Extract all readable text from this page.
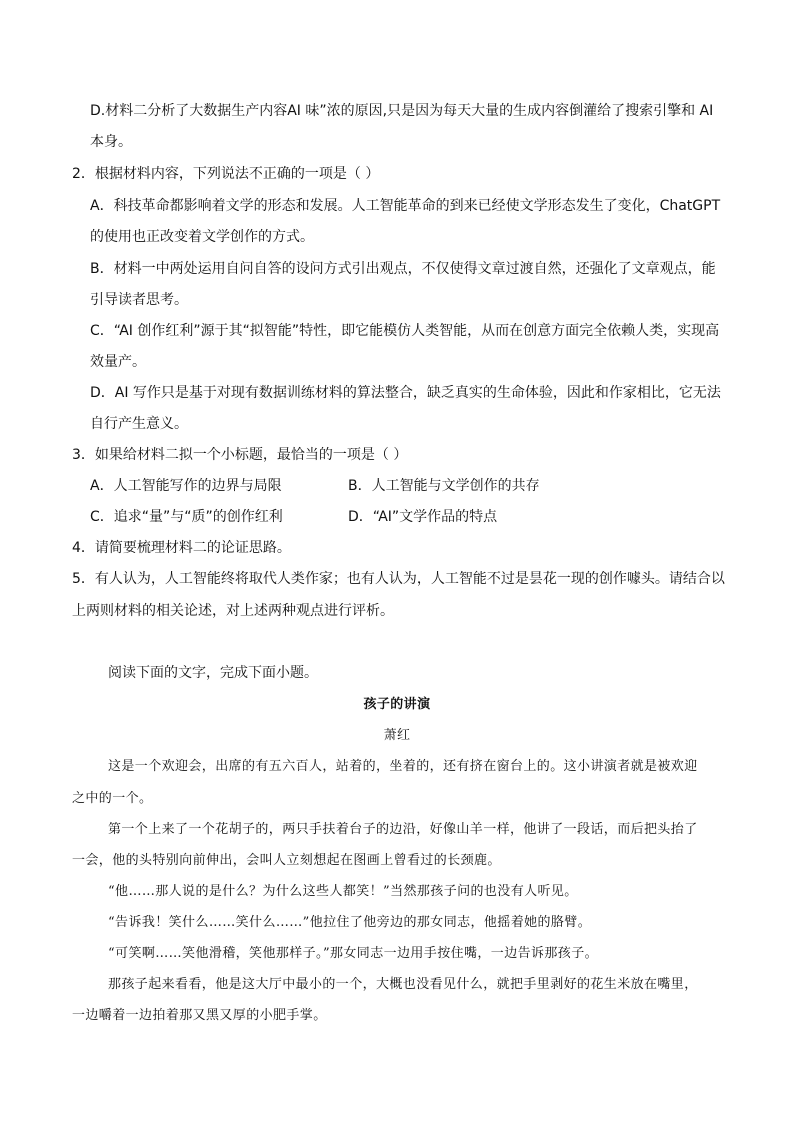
D.材料二分析了大数据生产内容AI 味”浓的原因,只是因为每天大量的生成内容倒灌给了搜索引擎和 AI
本身。
2．根据材料内容，下列说法不正确的一项是（ ）
A．科技革命都影响着文学的形态和发展。人工智能革命的到来已经使文学形态发生了变化，ChatGPT
的使用也正改变着文学创作的方式。
B．材料一中两处运用自问自答的设问方式引出观点，不仅使得文章过渡自然，还强化了文章观点，能
引导读者思考。
C．“AI 创作红利”源于其“拟智能”特性，即它能模仿人类智能，从而在创意方面完全依赖人类，实现高
效量产。
D．AI 写作只是基于对现有数据训练材料的算法整合，缺乏真实的生命体验，因此和作家相比，它无法
自行产生意义。
3．如果给材料二拟一个小标题，最恰当的一项是（ ）
A．人工智能写作的边界与局限	B．人工智能与文学创作的共存
C．追求“量”与“质”的创作红利	D．“AI”文学作品的特点
4．请简要梳理材料二的论证思路。
5．有人认为，人工智能终将取代人类作家；也有人认为，人工智能不过是昙花一现的创作噱头。请结合以
上两则材料的相关论述，对上述两种观点进行评析。
阅读下面的文字，完成下面小题。
孩子的讲演
萧红
这是一个欢迎会，出席的有五六百人，站着的，坐着的，还有挤在窗台上的。这小讲演者就是被欢迎
之中的一个。
第一个上来了一个花胡子的，两只手扶着台子的边沿，好像山羊一样，他讲了一段话，而后把头抬了
一会，他的头特别向前伸出，会叫人立刻想起在图画上曾看过的长颈鹿。
“他……那人说的是什么？为什么这些人都笑！”当然那孩子问的也没有人听见。
“告诉我！笑什么……笑什么……”他拉住了他旁边的那女同志，他摇着她的胳臂。
“可笑啊……笑他滑稽，笑他那样子。”那女同志一边用手按住嘴，一边告诉那孩子。
那孩子起来看看，他是这大厅中最小的一个，大概也没看见什么，就把手里剥好的花生米放在嘴里，
一边嚼着一边拍着那又黑又厚的小肥手掌。
